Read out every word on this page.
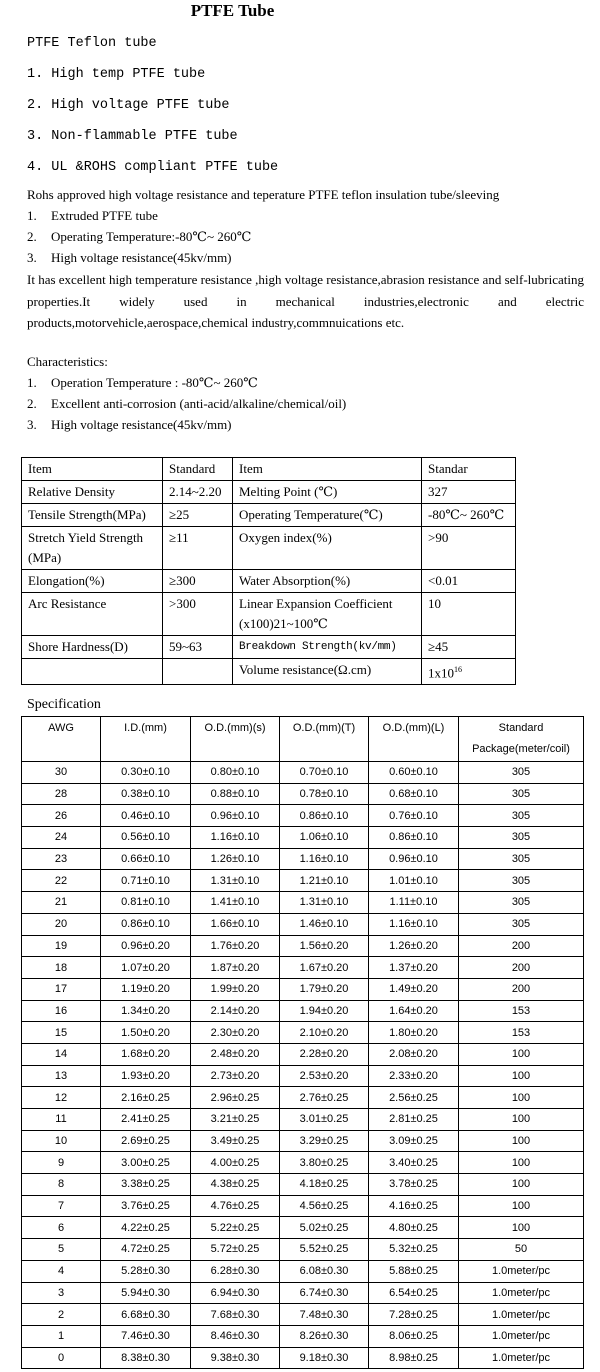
PTFE Tube
PTFE Teflon tube
1. High temp PTFE tube
2. High voltage PTFE tube
3. Non-flammable PTFE tube
4. UL &ROHS compliant PTFE tube
Rohs approved high voltage resistance and teperature PTFE teflon insulation tube/sleeving
1. Extruded PTFE tube
2. Operating Temperature:-80℃~ 260℃
3. High voltage resistance(45kv/mm)
It has excellent high temperature resistance ,high voltage resistance,abrasion resistance and self-lubricating properties.It widely used in mechanical industries,electronic and electric products,motorvehicle,aerospace,chemical industry,commnuications etc.
Characteristics:
1. Operation Temperature : -80℃~ 260℃
2. Excellent anti-corrosion (anti-acid/alkaline/chemical/oil)
3. High voltage resistance(45kv/mm)
Item	Standard	Item	Standar
Relative Density	2.14~2.20	Melting Point (℃)	327
Tensile Strength(MPa)	≥25	Operating Temperature(℃)	-80℃~ 260℃
Stretch Yield Strength (MPa)	≥11	Oxygen index(%)	>90
Elongation(%)	≥300	Water Absorption(%)	<0.01
Arc Resistance	>300	Linear Expansion Coefficient (x100)21~100℃	10
Shore Hardness(D)	59~63	Breakdown Strength(kv/mm)	≥45
		Volume resistance(Ω.cm)	$1x10^{16}$
Specification
AWG	I.D.(mm)	O.D.(mm)(s)	O.D.(mm)(T)	O.D.(mm)(L)	Standard Package(meter/coil)
30	0.30±0.10	0.80±0.10	0.70±0.10	0.60±0.10	305
28	0.38±0.10	0.88±0.10	0.78±0.10	0.68±0.10	305
26	0.46±0.10	0.96±0.10	0.86±0.10	0.76±0.10	305
24	0.56±0.10	1.16±0.10	1.06±0.10	0.86±0.10	305
23	0.66±0.10	1.26±0.10	1.16±0.10	0.96±0.10	305
22	0.71±0.10	1.31±0.10	1.21±0.10	1.01±0.10	305
21	0.81±0.10	1.41±0.10	1.31±0.10	1.11±0.10	305
20	0.86±0.10	1.66±0.10	1.46±0.10	1.16±0.10	305
19	0.96±0.20	1.76±0.20	1.56±0.20	1.26±0.20	200
18	1.07±0.20	1.87±0.20	1.67±0.20	1.37±0.20	200
17	1.19±0.20	1.99±0.20	1.79±0.20	1.49±0.20	200
16	1.34±0.20	2.14±0.20	1.94±0.20	1.64±0.20	153
15	1.50±0.20	2.30±0.20	2.10±0.20	1.80±0.20	153
14	1.68±0.20	2.48±0.20	2.28±0.20	2.08±0.20	100
13	1.93±0.20	2.73±0.20	2.53±0.20	2.33±0.20	100
12	2.16±0.25	2.96±0.25	2.76±0.25	2.56±0.25	100
11	2.41±0.25	3.21±0.25	3.01±0.25	2.81±0.25	100
10	2.69±0.25	3.49±0.25	3.29±0.25	3.09±0.25	100
9	3.00±0.25	4.00±0.25	3.80±0.25	3.40±0.25	100
8	3.38±0.25	4.38±0.25	4.18±0.25	3.78±0.25	100
7	3.76±0.25	4.76±0.25	4.56±0.25	4.16±0.25	100
6	4.22±0.25	5.22±0.25	5.02±0.25	4.80±0.25	100
5	4.72±0.25	5.72±0.25	5.52±0.25	5.32±0.25	50
4	5.28±0.30	6.28±0.30	6.08±0.30	5.88±0.25	1.0meter/pc
3	5.94±0.30	6.94±0.30	6.74±0.30	6.54±0.25	1.0meter/pc
2	6.68±0.30	7.68±0.30	7.48±0.30	7.28±0.25	1.0meter/pc
1	7.46±0.30	8.46±0.30	8.26±0.30	8.06±0.25	1.0meter/pc
0	8.38±0.30	9.38±0.30	9.18±0.30	8.98±0.25	1.0meter/pc
